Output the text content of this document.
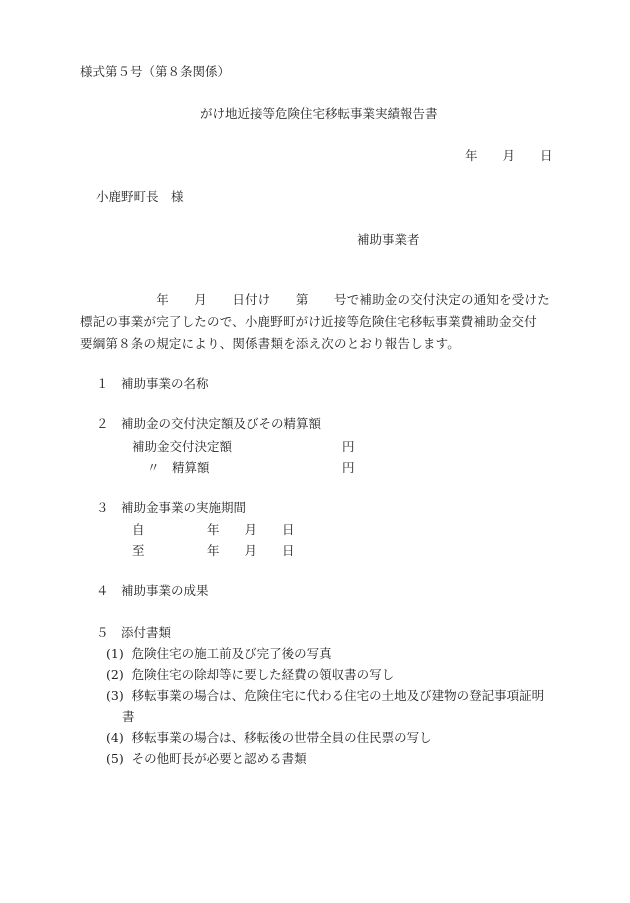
様式第５号（第８条関係）
がけ地近接等危険住宅移転事業実績報告書
年　　月　　日
小鹿野町長　様
補助事業者
　　　　　　年　　月　　日付け　　第　　号で補助金の交付決定の通知を受けた
標記の事業が完了したので、小鹿野町がけ近接等危険住宅移転事業費補助金交付
要綱第８条の規定により、関係書類を添え次のとおり報告します。
１　補助事業の名称
２　補助金の交付決定額及びその精算額
補助金交付決定額	円
〃　精算額	円
３　補助金事業の実施期間
自　　　　　年　　月　　日
至　　　　　年　　月　　日
４　補助事業の成果
５　添付書類
(1)  危険住宅の施工前及び完了後の写真
(2)  危険住宅の除却等に要した経費の領収書の写し
(3)  移転事業の場合は、危険住宅に代わる住宅の土地及び建物の登記事項証明
書
(4)  移転事業の場合は、移転後の世帯全員の住民票の写し
(5)  その他町長が必要と認める書類
